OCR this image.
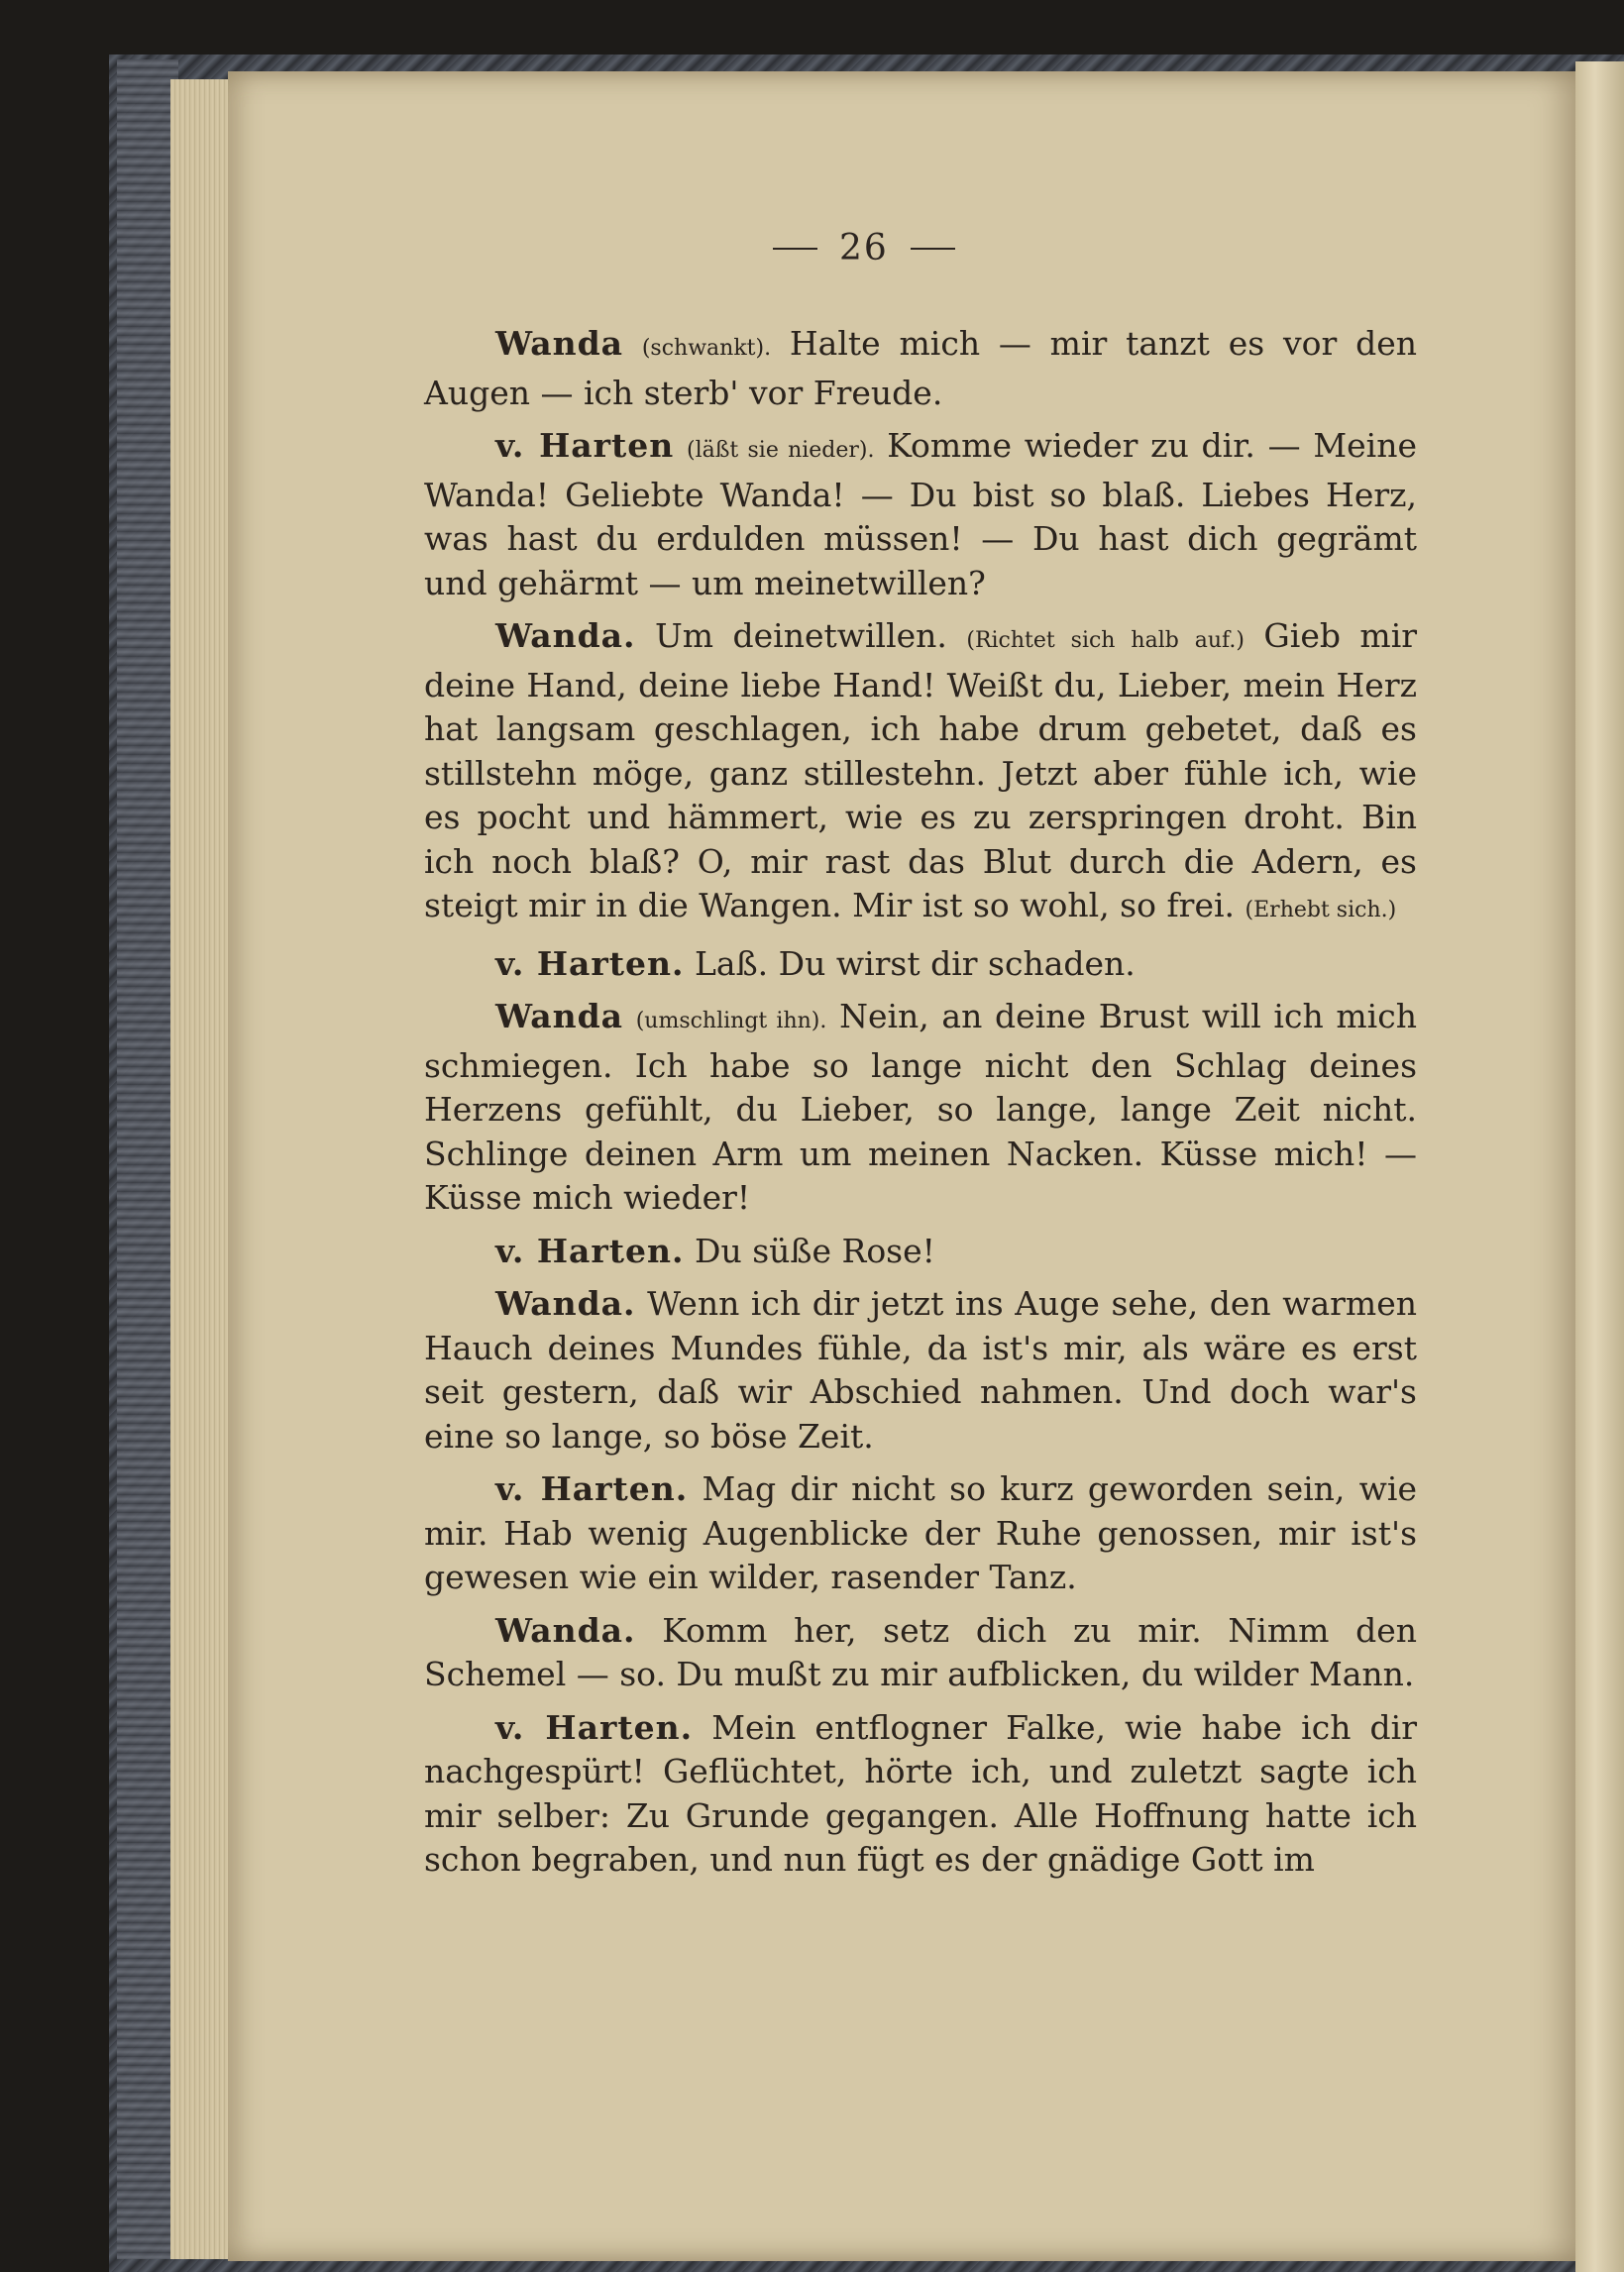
26

Wanda (schwankt). Halte mich — mir tanzt es vor den Augen — ich sterb' vor Freude.

v. Harten (läßt sie nieder). Komme wieder zu dir. — Meine Wanda! Geliebte Wanda! — Du bist so blaß. Liebes Herz, was hast du erdulden müssen! — Du hast dich gegrämt und gehärmt — um meinetwillen?

Wanda. Um deinetwillen. (Richtet sich halb auf.) Gieb mir deine Hand, deine liebe Hand! Weißt du, Lieber, mein Herz hat langsam geschlagen, ich habe drum gebetet, daß es stillstehn möge, ganz stillestehn. Jetzt aber fühle ich, wie es pocht und hämmert, wie es zu zerspringen droht. Bin ich noch blaß? O, mir rast das Blut durch die Adern, es steigt mir in die Wangen. Mir ist so wohl, so frei. (Erhebt sich.)

v. Harten. Laß. Du wirst dir schaden.

Wanda (umschlingt ihn). Nein, an deine Brust will ich mich schmiegen. Ich habe so lange nicht den Schlag deines Herzens gefühlt, du Lieber, so lange, lange Zeit nicht. Schlinge deinen Arm um meinen Nacken. Küsse mich! — Küsse mich wieder!

v. Harten. Du süße Rose!

Wanda. Wenn ich dir jetzt ins Auge sehe, den warmen Hauch deines Mundes fühle, da ist's mir, als wäre es erst seit gestern, daß wir Abschied nahmen. Und doch war's eine so lange, so böse Zeit.

v. Harten. Mag dir nicht so kurz geworden sein, wie mir. Hab wenig Augenblicke der Ruhe genossen, mir ist's gewesen wie ein wilder, rasender Tanz.

Wanda. Komm her, setz dich zu mir. Nimm den Schemel — so. Du mußt zu mir aufblicken, du wilder Mann.

v. Harten. Mein entflogner Falke, wie habe ich dir nachgespürt! Geflüchtet, hörte ich, und zuletzt sagte ich mir selber: Zu Grunde gegangen. Alle Hoffnung hatte ich schon begraben, und nun fügt es der gnädige Gott im
